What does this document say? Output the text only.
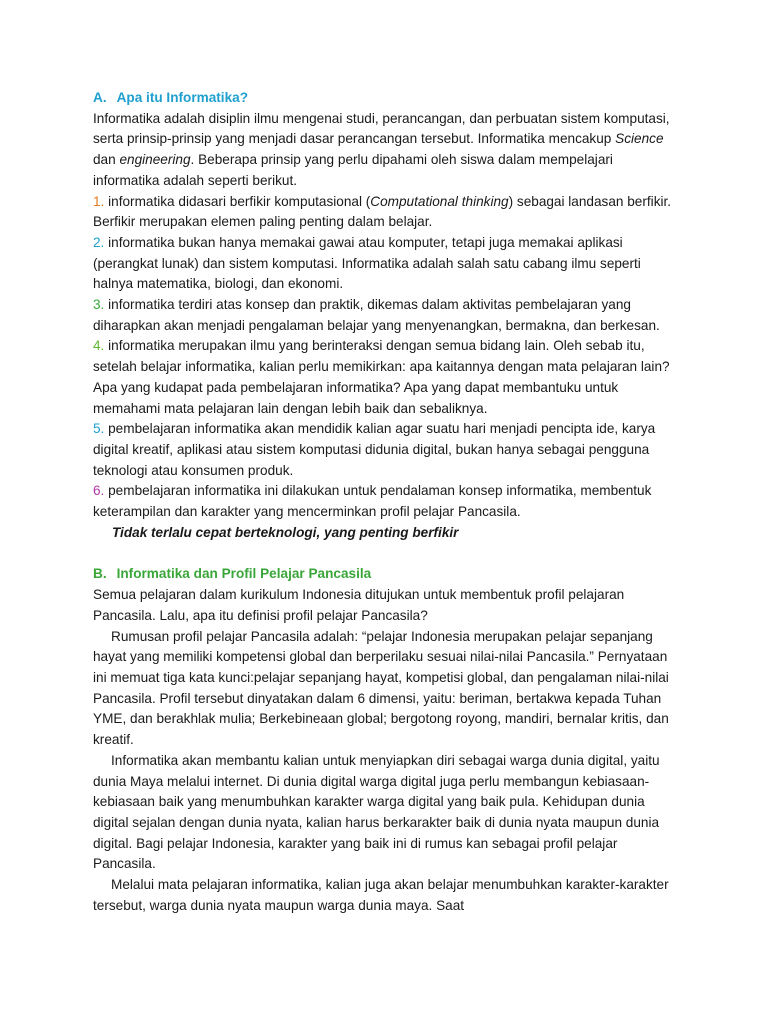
A. Apa itu Informatika?

Informatika adalah disiplin ilmu mengenai studi, perancangan, dan perbuatan sistem komputasi, serta prinsip-prinsip yang menjadi dasar perancangan tersebut. Informatika mencakup Science dan engineering. Beberapa prinsip yang perlu dipahami oleh siswa dalam mempelajari informatika adalah seperti berikut.

1. informatika didasari berfikir komputasional (Computational thinking) sebagai landasan berfikir. Berfikir merupakan elemen paling penting dalam belajar.

2. informatika bukan hanya memakai gawai atau komputer, tetapi juga memakai aplikasi (perangkat lunak) dan sistem komputasi. Informatika adalah salah satu cabang ilmu seperti halnya matematika, biologi, dan ekonomi.

3. informatika terdiri atas konsep dan praktik, dikemas dalam aktivitas pembelajaran yang diharapkan akan menjadi pengalaman belajar yang menyenangkan, bermakna, dan berkesan.

4. informatika merupakan ilmu yang berinteraksi dengan semua bidang lain. Oleh sebab itu, setelah belajar informatika, kalian perlu memikirkan: apa kaitannya dengan mata pelajaran lain? Apa yang kudapat pada pembelajaran informatika? Apa yang dapat membantuku untuk memahami mata pelajaran lain dengan lebih baik dan sebaliknya.

5. pembelajaran informatika akan mendidik kalian agar suatu hari menjadi pencipta ide, karya digital kreatif, aplikasi atau sistem komputasi didunia digital, bukan hanya sebagai pengguna teknologi atau konsumen produk.

6. pembelajaran informatika ini dilakukan untuk pendalaman konsep informatika, membentuk keterampilan dan karakter yang mencerminkan profil pelajar Pancasila.

Tidak terlalu cepat berteknologi, yang penting berfikir

B. Informatika dan Profil Pelajar Pancasila

Semua pelajaran dalam kurikulum Indonesia ditujukan untuk membentuk profil pelajaran Pancasila. Lalu, apa itu definisi profil pelajar Pancasila?

Rumusan profil pelajar Pancasila adalah: “pelajar Indonesia merupakan pelajar sepanjang hayat yang memiliki kompetensi global dan berperilaku sesuai nilai-nilai Pancasila.” Pernyataan ini memuat tiga kata kunci:pelajar sepanjang hayat, kompetisi global, dan pengalaman nilai-nilai Pancasila. Profil tersebut dinyatakan dalam 6 dimensi, yaitu: beriman, bertakwa kepada Tuhan YME, dan berakhlak mulia; Berkebineaan global; bergotong royong, mandiri, bernalar kritis, dan kreatif.

Informatika akan membantu kalian untuk menyiapkan diri sebagai warga dunia digital, yaitu dunia Maya melalui internet. Di dunia digital warga digital juga perlu membangun kebiasaan-kebiasaan baik yang menumbuhkan karakter warga digital yang baik pula. Kehidupan dunia digital sejalan dengan dunia nyata, kalian harus berkarakter baik di dunia nyata maupun dunia digital. Bagi pelajar Indonesia, karakter yang baik ini di rumus kan sebagai profil pelajar Pancasila.

Melalui mata pelajaran informatika, kalian juga akan belajar menumbuhkan karakter-karakter tersebut, warga dunia nyata maupun warga dunia maya. Saat
